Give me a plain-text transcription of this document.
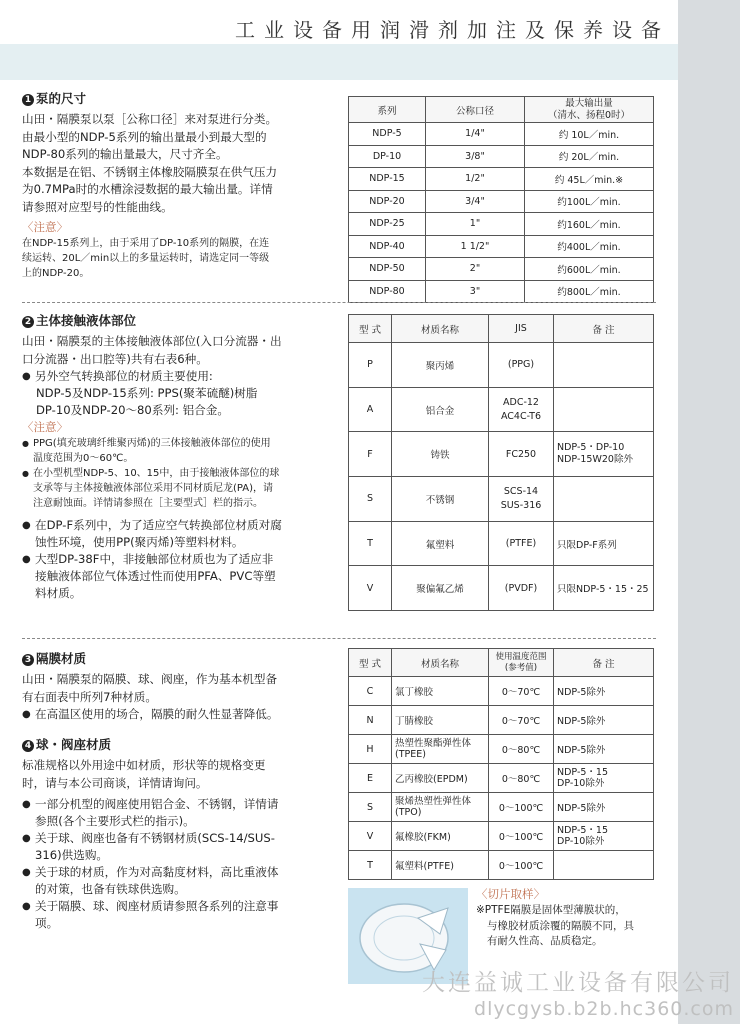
工业设备用润滑剂加注及保养设备
1 泵的尺寸
山田・隔膜泵以泵［公称口径］来对泵进行分类。
由最小型的NDP-5系列的输出量最小到最大型的
NDP-80系列的输出量最大，尺寸齐全。
本数据是在铝、不锈钢主体橡胶隔膜泵在供气压力
为0.7MPa时的水槽涂浸数据的最大输出量。详情
请参照对应型号的性能曲线。
〈注意〉
在NDP-15系列上，由于采用了DP-10系列的隔膜，在连
续运转、20L／min以上的多量运转时，请选定同一等级
上的NDP-20。
系列	公称口径	最大输出量
（清水、扬程0时）
NDP-5	1/4"	约 10L／min.
DP-10	3/8"	约 20L／min.
NDP-15	1/2"	约 45L／min.※
NDP-20	3/4"	约100L／min.
NDP-25	1"	约160L／min.
NDP-40	1 1/2"	约400L／min.
NDP-50	2"	约600L／min.
NDP-80	3"	约800L／min.
2 主体接触液体部位
山田・隔膜泵的主体接触液体部位(入口分流器・出
口分流器・出口腔等)共有右表6种。
● 另外空气转换部位的材质主要使用:
NDP-5及NDP-15系列: PPS(聚苯硫醚)树脂
DP-10及NDP-20～80系列: 铝合金。
〈注意〉
● PPG(填充玻璃纤维聚丙烯)的三体接触液体部位的使用
温度范围为0～60℃。
● 在小型机型NDP-5、10、15中，由于接触液体部位的球
支承等与主体接触液体部位采用不同材质尼龙(PA)，请
注意耐蚀面。详情请参照在［主要型式］栏的指示。
● 在DP-F系列中，为了适应空气转换部位材质对腐
蚀性环境，使用PP(聚丙烯)等塑料材料。
● 大型DP-38F中，非接触部位材质也为了适应非
接触液体部位气体透过性而使用PFA、PVC等塑
料材质。
型 式	材质名称	JIS	备 注
P	聚丙烯	(PPG)	
A	铝合金	ADC-12
AC4C-T6	
F	铸铁	FC250	NDP-5・DP-10
NDP-15W20除外
S	不锈钢	SCS-14
SUS-316	
T	氟塑料	(PTFE)	只限DP-F系列
V	聚偏氟乙烯	(PVDF)	只限NDP-5・15・25
3 隔膜材质
山田・隔膜泵的隔膜、球、阀座，作为基本机型备
有右面表中所列7种材质。
● 在高温区使用的场合，隔膜的耐久性显著降低。
4 球・阀座材质
标准规格以外用途中如材质，形状等的规格变更
时，请与本公司商谈，详情请询问。
● 一部分机型的阀座使用铝合金、不锈钢，详情请
参照(各个主要形式栏的指示)。
● 关于球、阀座也备有不锈钢材质(SCS-14/SUS-
316)供选购。
● 关于球的材质，作为对高黏度材料，高比重液体
的对策，也备有铁球供选购。
● 关于隔膜、球、阀座材质请参照各系列的注意事
项。
型 式	材质名称	使用温度范围
(参考值)	备 注
C	氯丁橡胶	0～70℃	NDP-5除外
N	丁腈橡胶	0～70℃	NDP-5除外
H	热塑性聚酯弹性体
(TPEE)	0～80℃	NDP-5除外
E	乙丙橡胶(EPDM)	0～80℃	NDP-5・15
DP-10除外
S	聚烯热塑性弹性体
(TPO)	0～100℃	NDP-5除外
V	氟橡胶(FKM)	0～100℃	NDP-5・15
DP-10除外
T	氟塑料(PTFE)	0～100℃	
〈切片取样〉
※PTFE隔膜是固体型薄膜状的，
与橡胶材质涂覆的隔膜不同，具
有耐久性高、品质稳定。
大连益诚工业设备有限公司
dlycgysb.b2b.hc360.com
